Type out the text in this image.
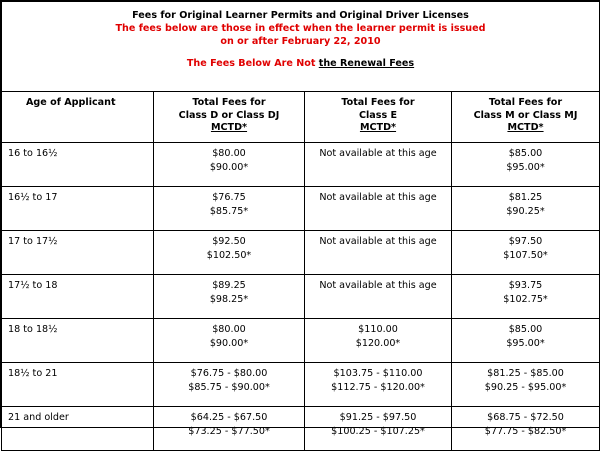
Fees for Original Learner Permits and Original Driver Licenses
The fees below are those in effect when the learner permit is issued
on or after February 22, 2010
The Fees Below Are Not the Renewal Fees			

Age of Applicant	Total Fees for
Class D or Class DJ
MCTD*	Total Fees for
Class E
MCTD*	Total Fees for
Class M or Class MJ
MCTD*

16 to 16½	$80.00
$90.00*	Not available at this age	$85.00
$95.00*

16½ to 17	$76.75
$85.75*	Not available at this age	$81.25
$90.25*

17 to 17½	$92.50
$102.50*	Not available at this age	$97.50
$107.50*

17½ to 18	$89.25
$98.25*	Not available at this age	$93.75
$102.75*

18 to 18½	$80.00
$90.00*	$110.00
$120.00*	$85.00
$95.00*

18½ to 21	$76.75 - $80.00
$85.75 - $90.00*	$103.75 - $110.00
$112.75 - $120.00*	$81.25 - $85.00
$90.25 - $95.00*

21 and older	$64.25 - $67.50
$73.25 - $77.50*	$91.25 - $97.50
$100.25 - $107.25*	$68.75 - $72.50
$77.75 - $82.50*
